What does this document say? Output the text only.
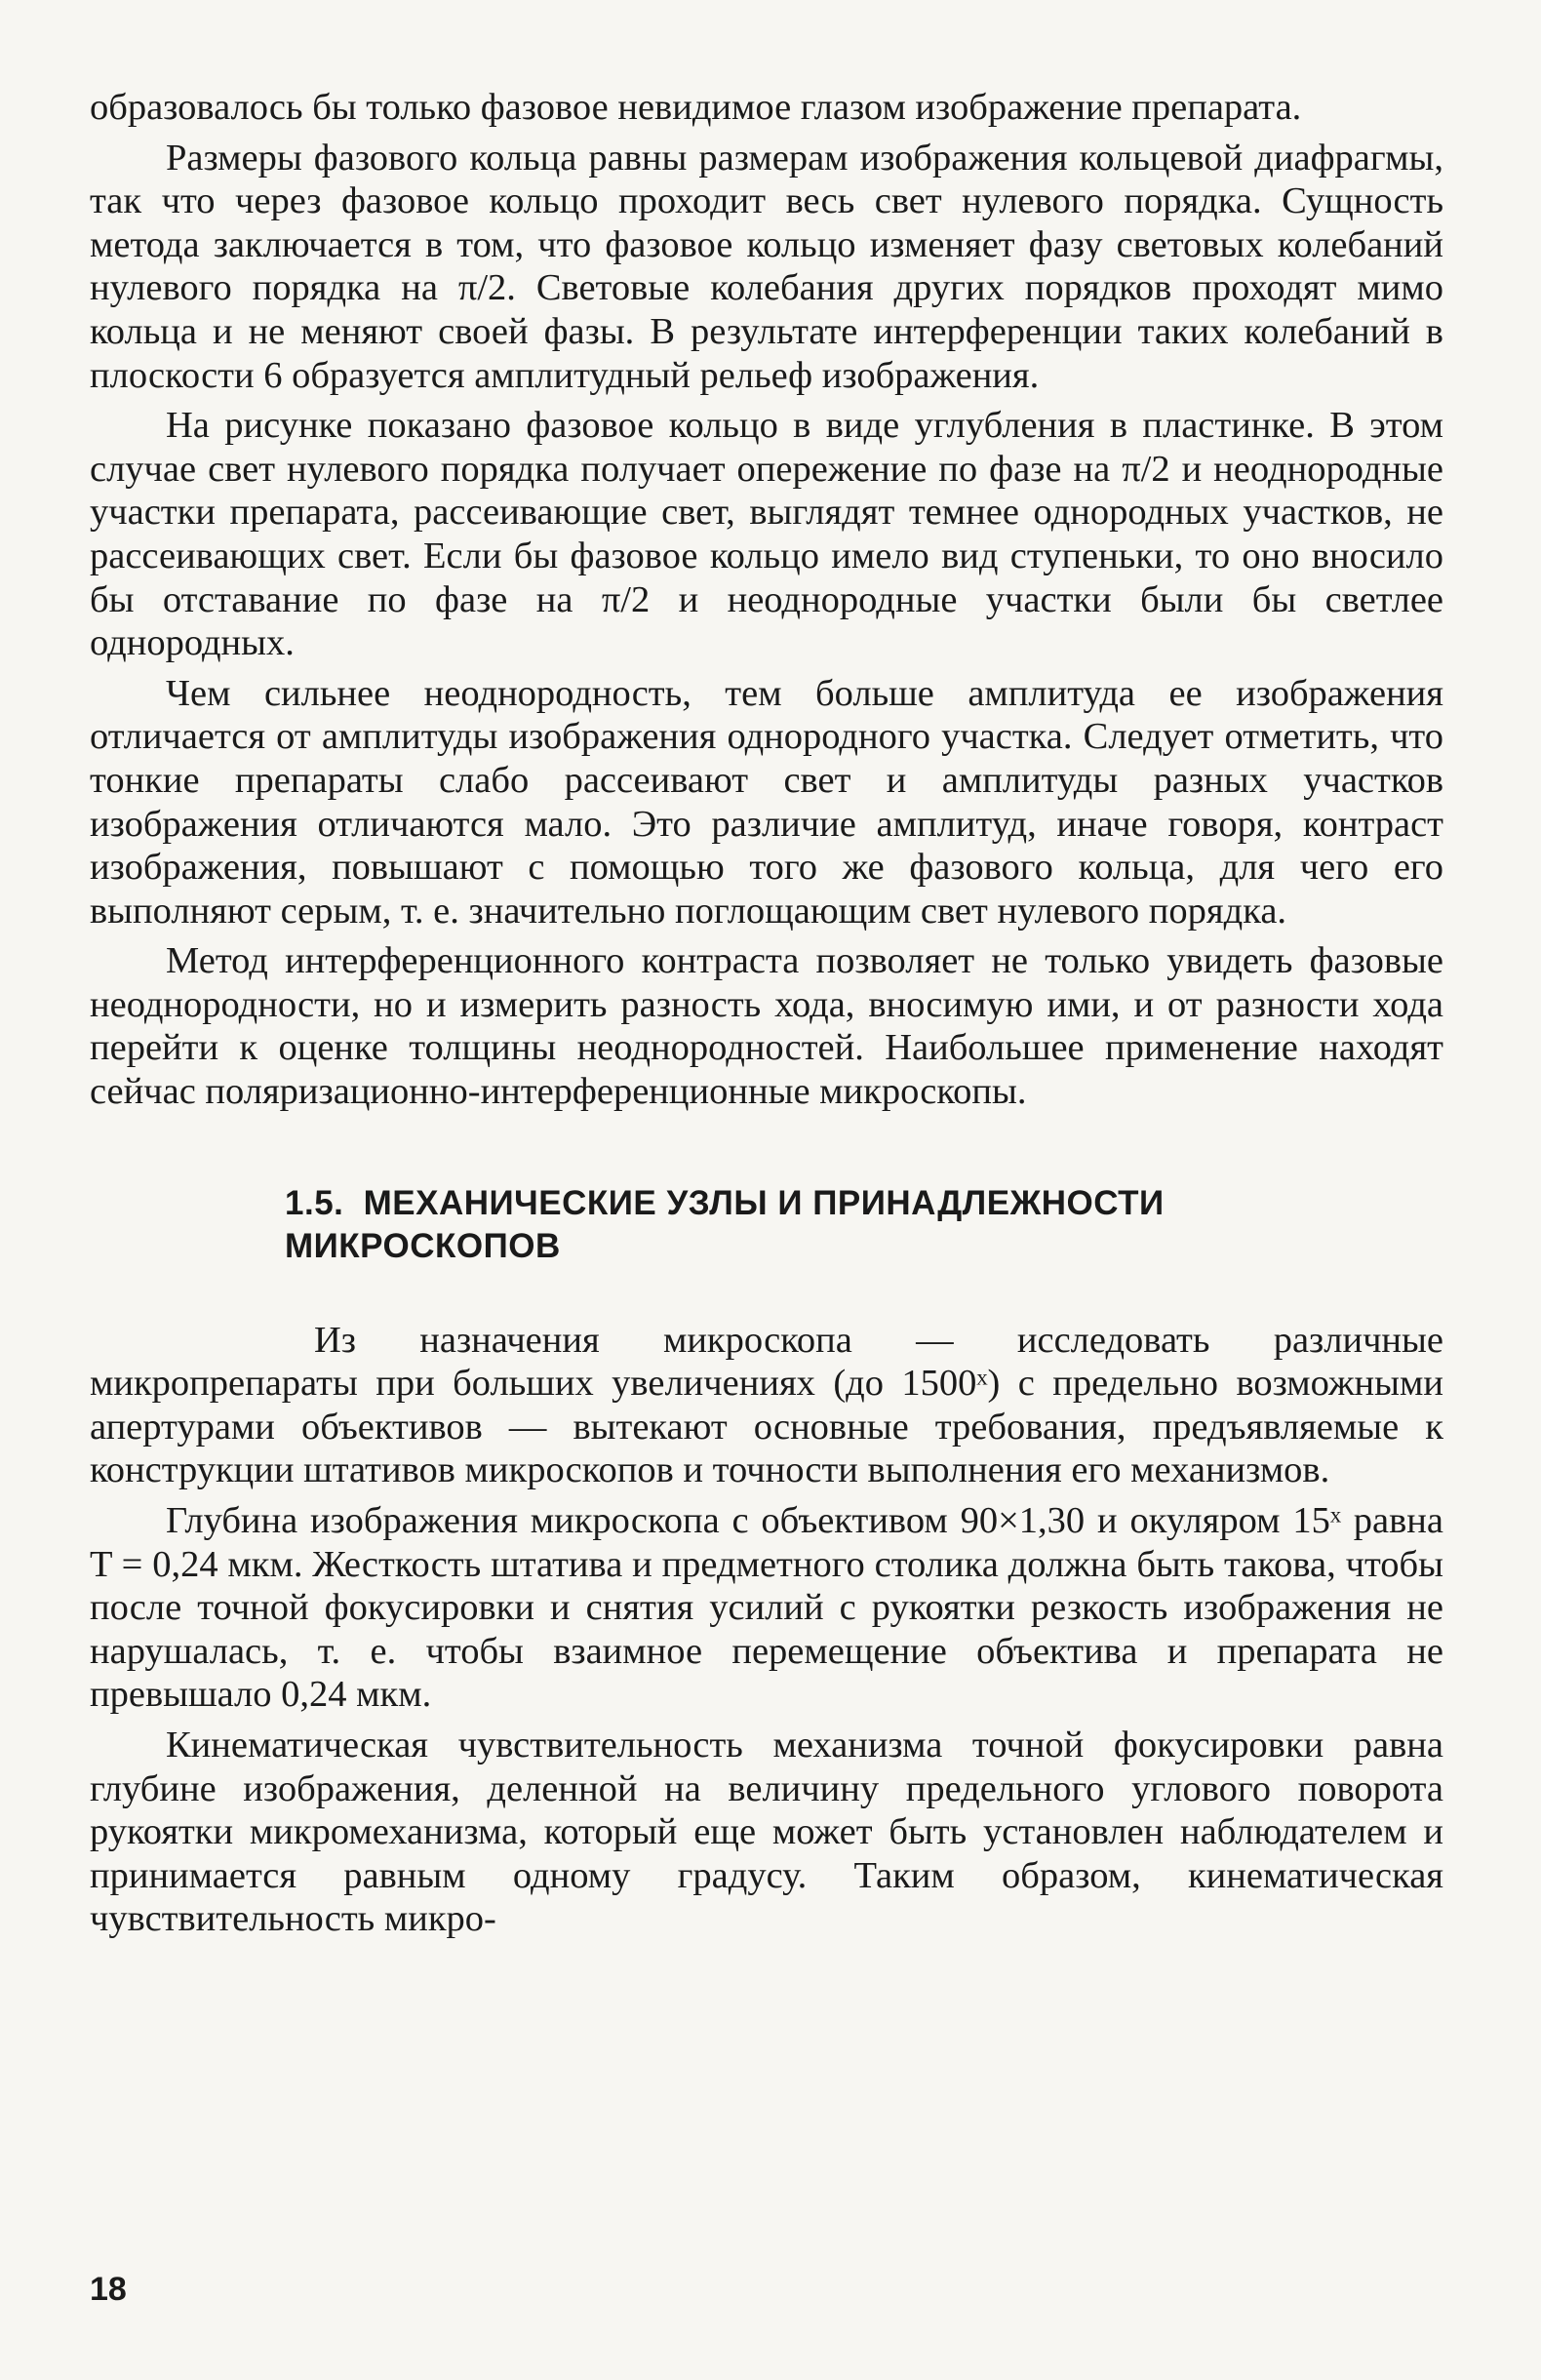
образовалось бы только фазовое невидимое глазом изображение препарата.

Размеры фазового кольца равны размерам изображения кольцевой диафрагмы, так что через фазовое кольцо проходит весь свет нулевого порядка. Сущность метода заключается в том, что фазовое кольцо изменяет фазу световых колебаний нулевого порядка на π/2. Световые колебания других порядков проходят мимо кольца и не меняют своей фазы. В результате интерференции таких колебаний в плоскости 6 образуется амплитудный рельеф изображения.

На рисунке показано фазовое кольцо в виде углубления в пластинке. В этом случае свет нулевого порядка получает опережение по фазе на π/2 и неоднородные участки препарата, рассеивающие свет, выглядят темнее однородных участков, не рассеивающих свет. Если бы фазовое кольцо имело вид ступеньки, то оно вносило бы отставание по фазе на π/2 и неоднородные участки были бы светлее однородных.

Чем сильнее неоднородность, тем больше амплитуда ее изображения отличается от амплитуды изображения однородного участка. Следует отметить, что тонкие препараты слабо рассеивают свет и амплитуды разных участков изображения отличаются мало. Это различие амплитуд, иначе говоря, контраст изображения, повышают с помощью того же фазового кольца, для чего его выполняют серым, т. е. значительно поглощающим свет нулевого порядка.

Метод интерференционного контраста позволяет не только увидеть фазовые неоднородности, но и измерить разность хода, вносимую ими, и от разности хода перейти к оценке толщины неоднородностей. Наибольшее применение находят сейчас поляризационно-интерференционные микроскопы.

1.5. МЕХАНИЧЕСКИЕ УЗЛЫ И ПРИНАДЛЕЖНОСТИ МИКРОСКОПОВ

Из назначения микроскопа — исследовать различные микропрепараты при больших увеличениях (до 1500ˣ) с предельно возможными апертурами объективов — вытекают основные требования, предъявляемые к конструкции штативов микроскопов и точности выполнения его механизмов.

Глубина изображения микроскопа с объективом 90×1,30 и окуляром 15ˣ равна T = 0,24 мкм. Жесткость штатива и предметного столика должна быть такова, чтобы после точной фокусировки и снятия усилий с рукоятки резкость изображения не нарушалась, т. е. чтобы взаимное перемещение объектива и препарата не превышало 0,24 мкм.

Кинематическая чувствительность механизма точной фокусировки равна глубине изображения, деленной на величину предельного углового поворота рукоятки микромеханизма, который еще может быть установлен наблюдателем и принимается равным одному градусу. Таким образом, кинематическая чувствительность микро-

18
